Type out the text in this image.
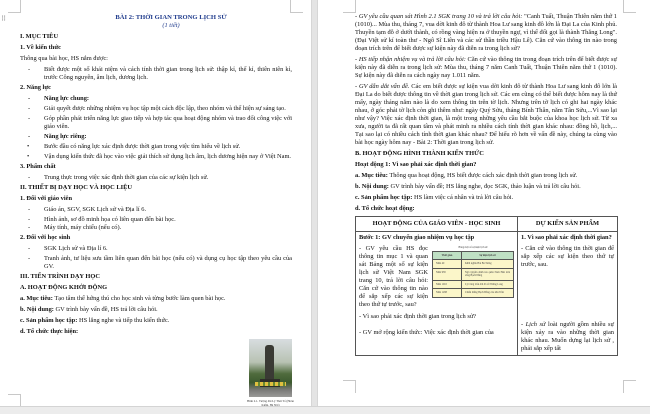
⠿	BÀI 2: THỜI GIAN TRONG LỊCH SỬ
(1 tiết)
I. MỤC TIÊU
1. Về kiến thức

Thông qua bài học, HS nắm được:

- Biết được một số khái niệm và cách tính thời gian trong lịch sử: thập kỉ, thế kỉ, thiên niên kỉ, trước Công nguyên, âm lịch, dương lịch.
2. Năng lực
- Năng lực chung:
- Giải quyết được những nhiệm vụ học tập một cách độc lập, theo nhóm và thể hiện sự sáng tạo.
- Góp phần phát triển năng lực giao tiếp và hợp tác qua hoạt động nhóm và trao đổi công việc với giáo viên.
- Năng lực riêng:
• Bước đầu có năng lực xác định được thời gian trong việc tìm hiểu về lịch sử.
• Vận dụng kiến thức đã học vào việc giải thích sử dụng lịch âm, lịch dương hiện nay ở Việt Nam.
3. Phẩm chất
- Trung thực trong việc xác định thời gian của các sự kiện lịch sử.
II. THIẾT BỊ DẠY HỌC VÀ HỌC LIỆU
1. Đối với giáo viên
- Giáo án, SGV, SGK Lịch sử và Địa lí 6.
- Hình ảnh, sơ đồ minh họa có liên quan đến bài học.
- Máy tính, máy chiếu (nếu có).
2. Đối với học sinh
- SGK Lịch sử và Địa lí 6.
- Tranh ảnh, tư liệu sưu tầm liên quan đến bài học (nếu có) và dụng cụ học tập theo yêu cầu của GV.
III. TIẾN TRÌNH DẠY HỌC
A. HOẠT ĐỘNG KHỞI ĐỘNG

a. Mục tiêu: Tạo tâm thế hứng thú cho học sinh và từng bước làm quen bài học.

b. Nội dung: GV trình bày vấn đề, HS trả lời câu hỏi.

c. Sản phẩm học tập: HS lắng nghe và tiếp thu kiến thức.

d. Tổ chức thực hiện:

Hình 2.1. Tượng đài Lý Thái Tổ (Hoàn Kiếm, Hà Nội)

- GV yêu cầu quan sát Hình 2.1 SGK trang 10 và trả lời câu hỏi: "Canh Tuất, Thuận Thiên năm thứ 1 (1010)... Mùa thu, tháng 7, vua dời kinh đô từ thành Hoa Lư sang kinh đô lớn là Đại La của Kinh phủ. Thuyền tạm đỗ ở dưới thành, có rồng vàng hiện ra ở thuyền ngự, vì thế đổi gọi là thành Thăng Long". (Đại Việt sử kí toàn thư - Ngô Sĩ Liên và các sử thần triều Hậu Lê). Căn cứ vào thông tin nào trong đoạn trích trên để biết được sự kiện này đã diễn ra trong lịch sử?

- HS tiếp nhận nhiệm vụ và trả lời câu hỏi: Căn cứ vào thông tin trong đoạn trích trên để biết được sự kiện này đã diễn ra trong lịch sử: Mùa thu, tháng 7 năm Canh Tuất, Thuận Thiên năm thứ 1 (1010). Sự kiện này đã diễn ra cách ngày nay 1.011 năm.

- GV dẫn dắt vấn đề. Các em biết được sự kiện vua dời kinh đô từ thành Hoa Lư sang kinh đô lớn là Đại La do biết được thông tin về thời gian trong lịch sử. Các em cũng có thể biết được hôm nay là thứ mấy, ngày tháng năm nào là do xem thông tin trên tờ lịch. Nhưng trên tờ lịch có ghi hai ngày khác nhau, ở góc phải tờ lịch còn ghi thêm như: ngày Quý Sửu, tháng Bính Thân, năm Tân Sửu,...Vì sao lại như vậy? Việc xác định thời gian, là một trong những yêu cầu bắt buộc của khoa học lịch sử. Từ xa xưa, người ta đã rất quan tâm và phát minh ra nhiều cách tính thời gian khác nhau: đồng hồ, lịch,... Tại sao lại có nhiều cách tính thời gian khác nhau? Để hiểu rõ hơn về vấn đề này, chúng ta cùng vào bài học ngày hôm nay - Bài 2: Thời gian trong lịch sử.

B. HOẠT ĐỘNG HÌNH THÀNH KIẾN THỨC
Hoạt động 1: Vì sao phải xác định thời gian?

a. Mục tiêu: Thông qua hoạt động, HS biết được cách xác định thời gian trong lịch sử.

b. Nội dung: GV trình bày vấn đề; HS lắng nghe, đọc SGK, thảo luận và trả lời câu hỏi.

c. Sản phẩm học tập: HS làm việc cá nhân và trả lời câu hỏi.

d. Tổ chức hoạt động:

HOẠT ĐỘNG CỦA GIÁO VIÊN - HỌC SINH	DỰ KIẾN SẢN PHẨM

Bước 1: GV chuyển giao nhiệm vụ học tập
Bảng một số sự kiện lịch sử
Thời gian	Sự kiện lịch sử
Năm 40	Khởi nghĩa Hai Bà Trưng
Năm 938	Ngô Quyền đánh tan quân Nam Hán trên sông Bạch Đằng
Năm 1010	Lý Công Uẩn dời đô về Thăng Long
Năm 1288	Chiến thắng Bạch Đằng của nhà Trần
- GV yêu cầu HS đọc thông tin mục 1 và quan sát Bảng một số sự kiện lịch sử Việt Nam SGK trang 10, trả lời câu hỏi: Căn cứ vào thông tin nào để sắp xếp các sự kiện theo thứ tự trước, sau?
- Vì sao phải xác định thời gian trong lịch sử?
- GV mở rộng kiến thức: Việc xác định thời gian của

1. Vì sao phải xác định thời gian?
- Căn cứ vào thông tin thời gian để sắp xếp các sự kiện theo thứ tự trước, sau.
- Lịch sử loài người gồm nhiều sự kiện xảy ra vào những thời gian khác nhau. Muốn dựng lại lịch sử , phải sắp xếp tất
